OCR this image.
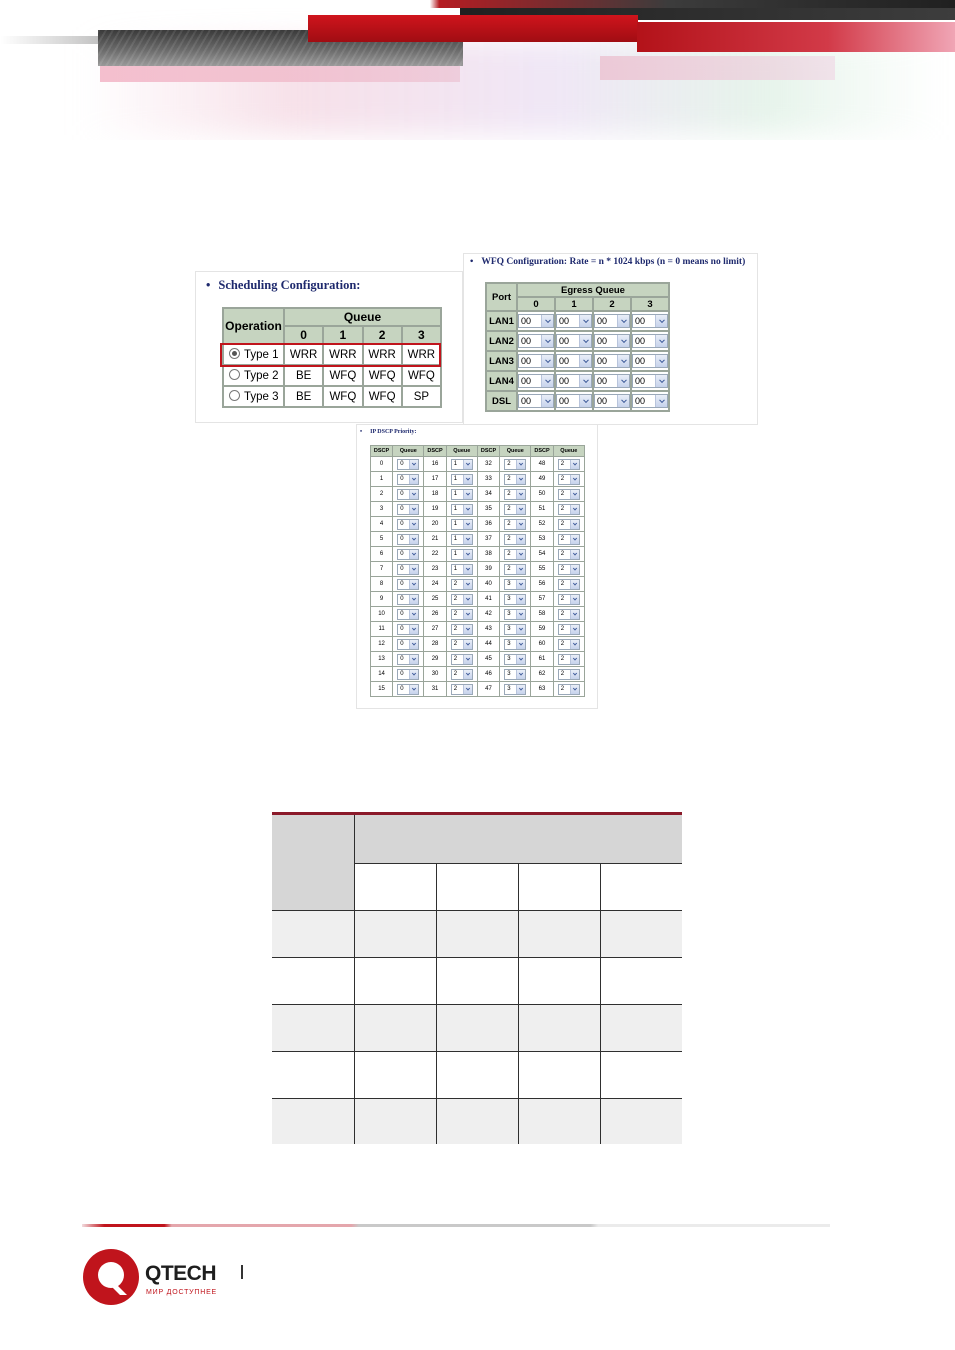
• Scheduling Configuration:
Operation	Queue			
	0	1	2	3
Type 1	WRR	WRR	WRR	WRR
Type 2	BE	WFQ	WFQ	WFQ
Type 3	BE	WFQ	WFQ	SP
• WFQ Configuration: Rate = n * 1024 kbps (n = 0 means no limit)
Port	Egress Queue			
	0	1	2	3
LAN1	00	00	00	00

LAN2	00	00	00	00

LAN3	00	00	00	00

LAN4	00	00	00	00

DSL	00	00	00	00
• IP DSCP Priority:
DSCP	Queue	DSCP	Queue	DSCP	Queue	DSCP	Queue
0	0	16	1	32	2	48	2

1	0	17	1	33	2	49	2

2	0	18	1	34	2	50	2

3	0	19	1	35	2	51	2

4	0	20	1	36	2	52	2

5	0	21	1	37	2	53	2

6	0	22	1	38	2	54	2

7	0	23	1	39	2	55	2

8	0	24	2	40	3	56	2

9	0	25	2	41	3	57	2

10	0	26	2	42	3	58	2

11	0	27	2	43	3	59	2

12	0	28	2	44	3	60	2

13	0	29	2	45	3	61	2

14	0	30	2	46	3	62	2

15	0	31	2	47	3	63	2
QTECH
МИР ДОСТУПНЕЕ
